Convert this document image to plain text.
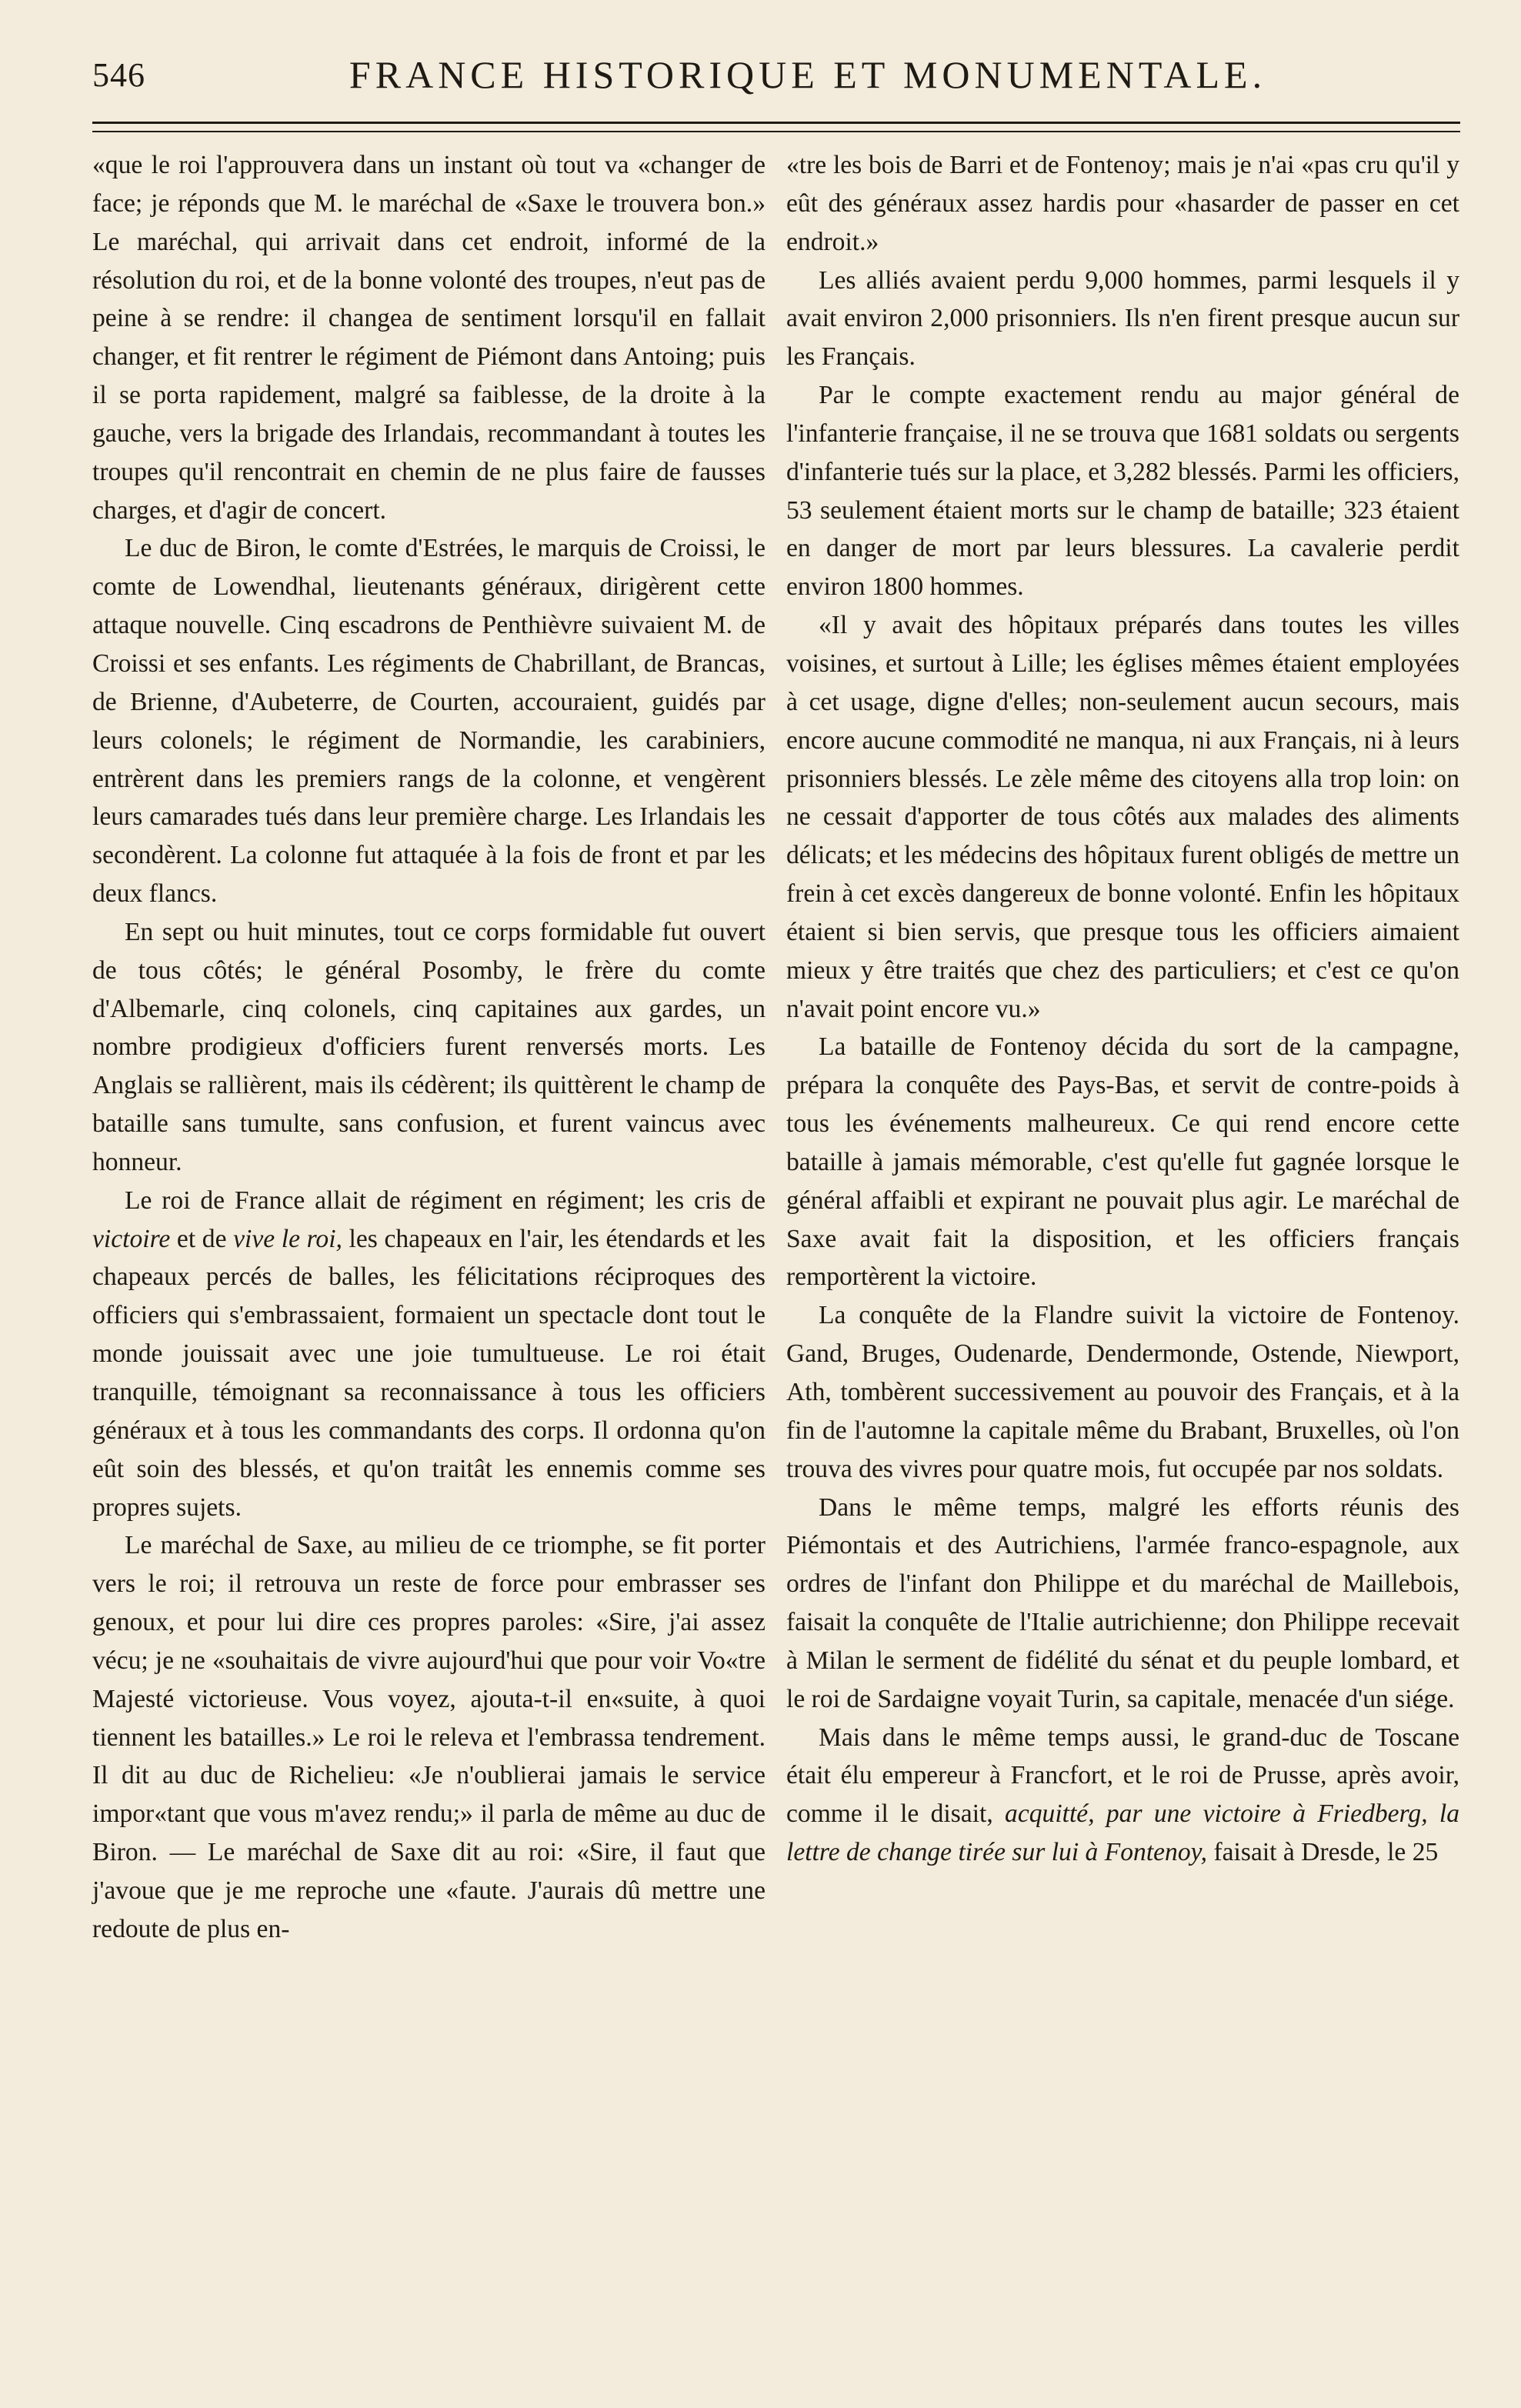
546	FRANCE HISTORIQUE ET MONUMENTALE.

«que le roi l'approuvera dans un instant où tout va «changer de face; je réponds que M. le maréchal de «Saxe le trouvera bon.» Le maréchal, qui arrivait dans cet endroit, informé de la résolution du roi, et de la bonne volonté des troupes, n'eut pas de peine à se rendre: il changea de sentiment lorsqu'il en fallait changer, et fit rentrer le régiment de Piémont dans Antoing; puis il se porta rapidement, malgré sa faiblesse, de la droite à la gauche, vers la brigade des Irlandais, recommandant à toutes les troupes qu'il rencontrait en chemin de ne plus faire de fausses charges, et d'agir de concert.

Le duc de Biron, le comte d'Estrées, le marquis de Croissi, le comte de Lowendhal, lieutenants généraux, dirigèrent cette attaque nouvelle. Cinq escadrons de Penthièvre suivaient M. de Croissi et ses enfants. Les régiments de Chabrillant, de Brancas, de Brienne, d'Aubeterre, de Courten, accouraient, guidés par leurs colonels; le régiment de Normandie, les carabiniers, entrèrent dans les premiers rangs de la colonne, et vengèrent leurs camarades tués dans leur première charge. Les Irlandais les secondèrent. La colonne fut attaquée à la fois de front et par les deux flancs.

En sept ou huit minutes, tout ce corps formidable fut ouvert de tous côtés; le général Posomby, le frère du comte d'Albemarle, cinq colonels, cinq capitaines aux gardes, un nombre prodigieux d'officiers furent renversés morts. Les Anglais se rallièrent, mais ils cédèrent; ils quittèrent le champ de bataille sans tumulte, sans confusion, et furent vaincus avec honneur.

Le roi de France allait de régiment en régiment; les cris de victoire et de vive le roi, les chapeaux en l'air, les étendards et les chapeaux percés de balles, les félicitations réciproques des officiers qui s'embrassaient, formaient un spectacle dont tout le monde jouissait avec une joie tumultueuse. Le roi était tranquille, témoignant sa reconnaissance à tous les officiers généraux et à tous les commandants des corps. Il ordonna qu'on eût soin des blessés, et qu'on traitât les ennemis comme ses propres sujets.

Le maréchal de Saxe, au milieu de ce triomphe, se fit porter vers le roi; il retrouva un reste de force pour embrasser ses genoux, et pour lui dire ces propres paroles: «Sire, j'ai assez vécu; je ne «souhaitais de vivre aujourd'hui que pour voir Vo«tre Majesté victorieuse. Vous voyez, ajouta-t-il en«suite, à quoi tiennent les batailles.» Le roi le releva et l'embrassa tendrement. Il dit au duc de Richelieu: «Je n'oublierai jamais le service impor«tant que vous m'avez rendu;» il parla de même au duc de Biron. — Le maréchal de Saxe dit au roi: «Sire, il faut que j'avoue que je me reproche une «faute. J'aurais dû mettre une redoute de plus en-

«tre les bois de Barri et de Fontenoy; mais je n'ai «pas cru qu'il y eût des généraux assez hardis pour «hasarder de passer en cet endroit.»

Les alliés avaient perdu 9,000 hommes, parmi lesquels il y avait environ 2,000 prisonniers. Ils n'en firent presque aucun sur les Français.

Par le compte exactement rendu au major général de l'infanterie française, il ne se trouva que 1681 soldats ou sergents d'infanterie tués sur la place, et 3,282 blessés. Parmi les officiers, 53 seulement étaient morts sur le champ de bataille; 323 étaient en danger de mort par leurs blessures. La cavalerie perdit environ 1800 hommes.

«Il y avait des hôpitaux préparés dans toutes les villes voisines, et surtout à Lille; les églises mêmes étaient employées à cet usage, digne d'elles; non-seulement aucun secours, mais encore aucune commodité ne manqua, ni aux Français, ni à leurs prisonniers blessés. Le zèle même des citoyens alla trop loin: on ne cessait d'apporter de tous côtés aux malades des aliments délicats; et les médecins des hôpitaux furent obligés de mettre un frein à cet excès dangereux de bonne volonté. Enfin les hôpitaux étaient si bien servis, que presque tous les officiers aimaient mieux y être traités que chez des particuliers; et c'est ce qu'on n'avait point encore vu.»

La bataille de Fontenoy décida du sort de la campagne, prépara la conquête des Pays-Bas, et servit de contre-poids à tous les événements malheureux. Ce qui rend encore cette bataille à jamais mémorable, c'est qu'elle fut gagnée lorsque le général affaibli et expirant ne pouvait plus agir. Le maréchal de Saxe avait fait la disposition, et les officiers français remportèrent la victoire.

La conquête de la Flandre suivit la victoire de Fontenoy. Gand, Bruges, Oudenarde, Dendermonde, Ostende, Niewport, Ath, tombèrent successivement au pouvoir des Français, et à la fin de l'automne la capitale même du Brabant, Bruxelles, où l'on trouva des vivres pour quatre mois, fut occupée par nos soldats.

Dans le même temps, malgré les efforts réunis des Piémontais et des Autrichiens, l'armée franco-espagnole, aux ordres de l'infant don Philippe et du maréchal de Maillebois, faisait la conquête de l'Italie autrichienne; don Philippe recevait à Milan le serment de fidélité du sénat et du peuple lombard, et le roi de Sardaigne voyait Turin, sa capitale, menacée d'un siége.

Mais dans le même temps aussi, le grand-duc de Toscane était élu empereur à Francfort, et le roi de Prusse, après avoir, comme il le disait, acquitté, par une victoire à Friedberg, la lettre de change tirée sur lui à Fontenoy, faisait à Dresde, le 25
